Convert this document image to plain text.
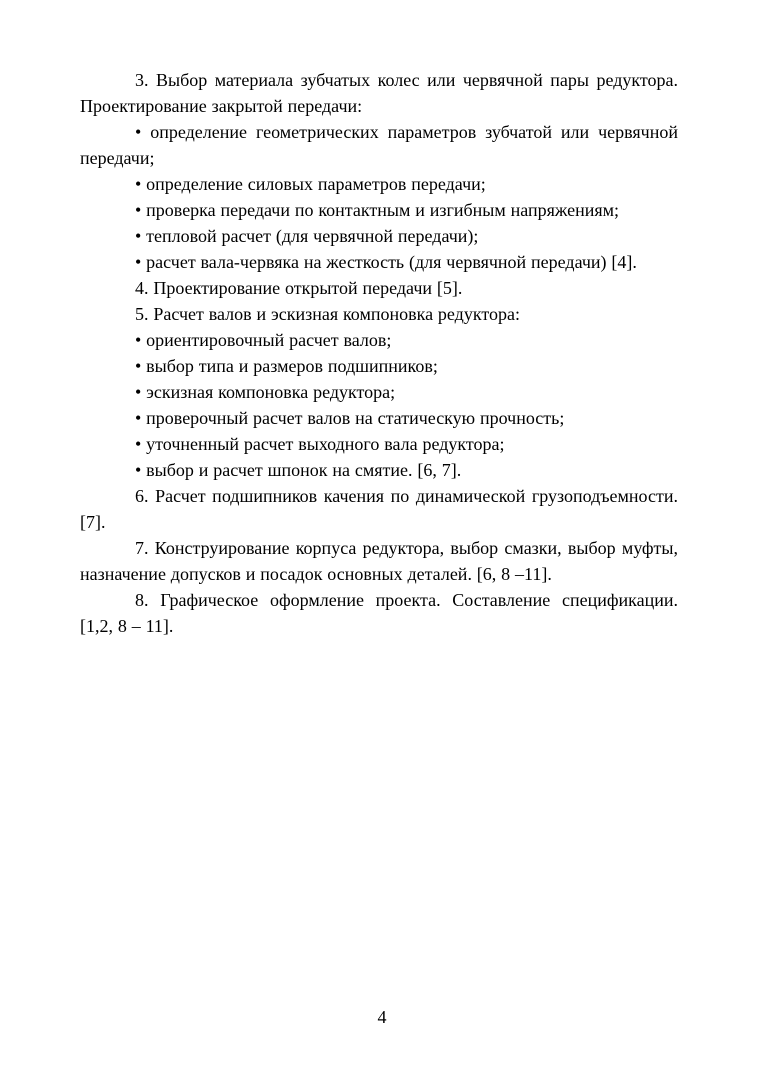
3. Выбор материала зубчатых колес или червячной пары редуктора. Проектирование закрытой передачи:

• определение геометрических параметров зубчатой или червячной передачи;

• определение силовых параметров передачи;

• проверка передачи по контактным и изгибным напряжениям;

• тепловой расчет (для червячной передачи);

• расчет вала-червяка на жесткость (для червячной передачи) [4].

4. Проектирование открытой передачи [5].

5. Расчет валов и эскизная компоновка редуктора:

• ориентировочный расчет валов;

• выбор типа и размеров подшипников;

• эскизная компоновка редуктора;

• проверочный расчет валов на статическую прочность;

• уточненный расчет выходного вала редуктора;

• выбор и расчет шпонок на смятие. [6, 7].

6. Расчет подшипников качения по динамической грузоподъемности. [7].

7. Конструирование корпуса редуктора, выбор смазки, выбор муфты, назначение допусков и посадок основных деталей. [6, 8 –11].

8. Графическое оформление проекта. Составление спецификации. [1,2, 8 – 11].

4
